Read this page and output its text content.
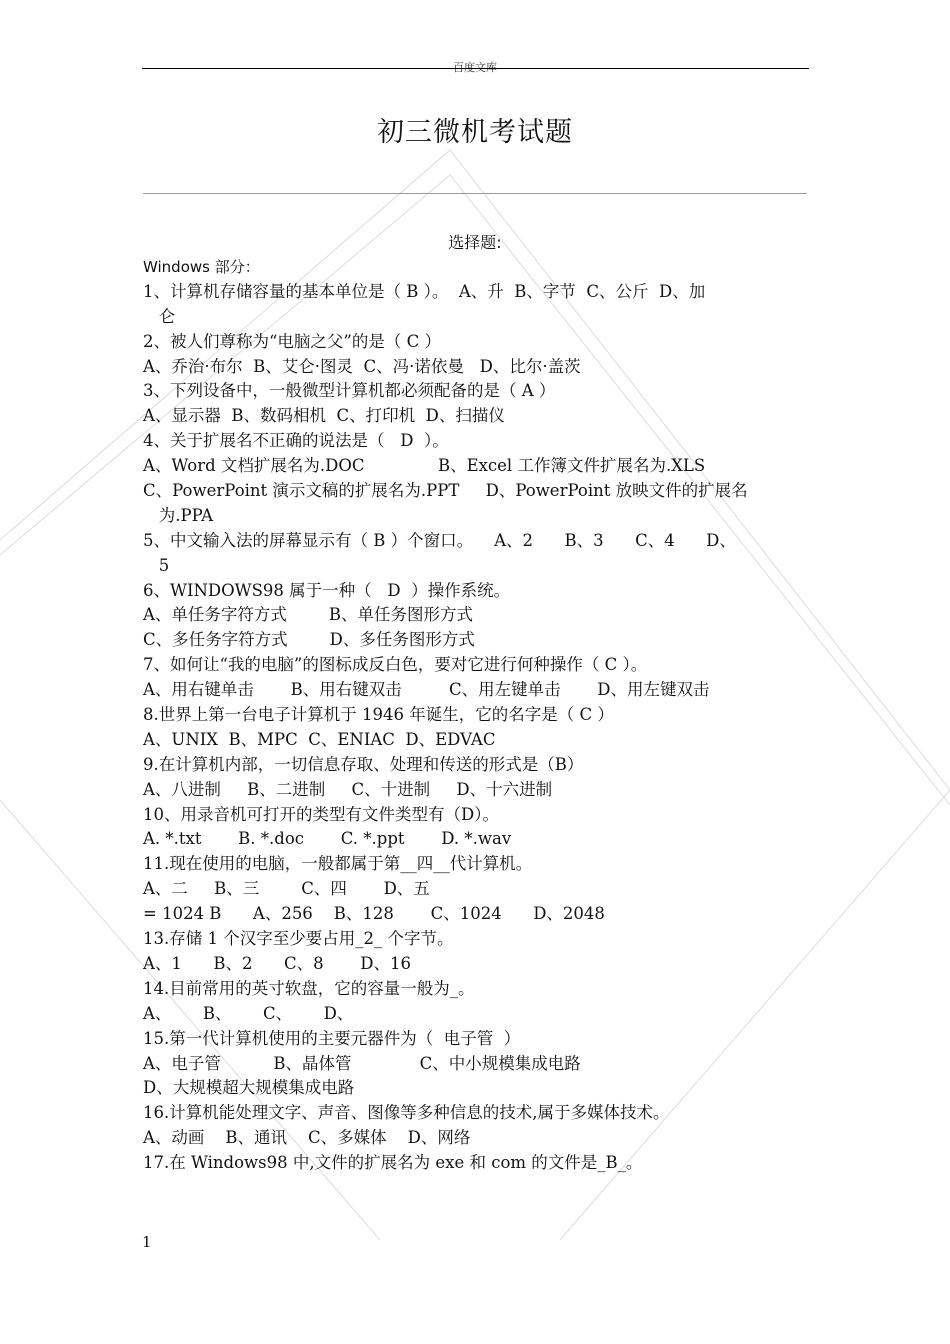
百度文库
初三微机考试题
选择题:
Windows 部分：
1、计算机存储容量的基本单位是（ B ）。  A、升  B、字节  C、公斤  D、加
仑
2、被人们尊称为“电脑之父”的是（ C ）
A、乔治·布尔  B、艾仑·图灵  C、冯·诺依曼   D、比尔·盖茨
3、下列设备中，一般微型计算机都必须配备的是（ A ）
A、显示器  B、数码相机  C、打印机  D、扫描仪
4、关于扩展名不正确的说法是（   D  ）。
A、Word 文档扩展名为.DOC              B、Excel 工作簿文件扩展名为.XLS
C、PowerPoint 演示文稿的扩展名为.PPT     D、PowerPoint 放映文件的扩展名
为.PPA
5、中文输入法的屏幕显示有（ B ）个窗口。    A、2      B、3      C、4      D、
5
6、WINDOWS98 属于一种（   D  ）操作系统。
A、单任务字符方式        B、单任务图形方式
C、多任务字符方式        D、多任务图形方式
7、如何让“我的电脑”的图标成反白色，要对它进行何种操作（ C ）。
A、用右键单击       B、用右键双击         C、用左键单击       D、用左键双击
8.世界上第一台电子计算机于 1946 年诞生，它的名字是（ C ）
A、UNIX  B、MPC  C、ENIAC  D、EDVAC
9.在计算机内部，一切信息存取、处理和传送的形式是（B）
A、八进制     B、二进制     C、十进制     D、十六进制
10、用录音机可打开的类型有文件类型有（D）。
A. *.txt       B. *.doc       C. *.ppt       D. *.wav
11.现在使用的电脑，一般都属于第__四__代计算机。
A、二     B、三        C、四       D、五
= 1024 B      A、256    B、128       C、1024      D、2048
13.存储 1 个汉字至少要占用_2_ 个字节。
A、1      B、2      C、8       D、16
14.目前常用的英寸软盘，它的容量一般为_。
A、      B、      C、      D、
15.第一代计算机使用的主要元器件为（  电子管  ）
A、电子管          B、晶体管             C、中小规模集成电路
D、大规模超大规模集成电路
16.计算机能处理文字、声音、图像等多种信息的技术,属于多媒体技术。
A、动画    B、通讯    C、多媒体    D、网络
17.在 Windows98 中,文件的扩展名为 exe 和 com 的文件是_B_。
1
